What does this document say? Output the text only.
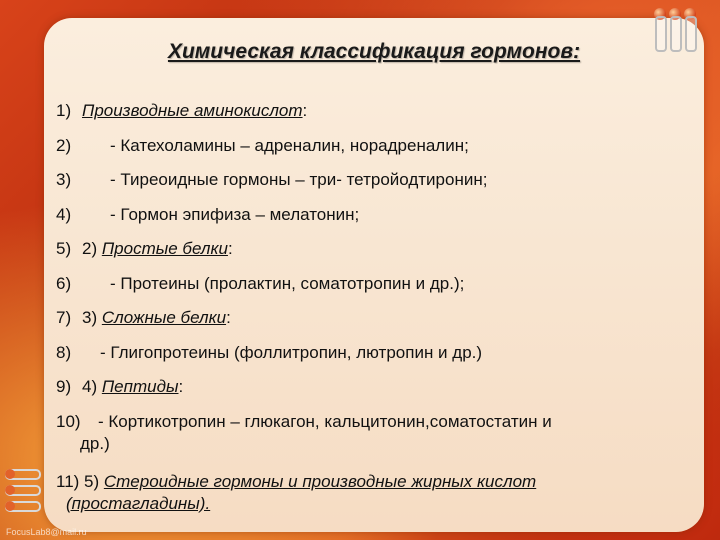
Химическая классификация гормонов:
1) Производные аминокислот:
2)	- Катехоламины – адреналин, норадреналин;
3)	- Тиреоидные гормоны – три- тетройодтиронин;
4)	- Гормон эпифиза – мелатонин;
5) 2) Простые белки:
6)	- Протеины (пролактин, соматотропин и др.);
7) 3) Сложные белки:
8)	- Глигопротеины (фоллитропин, лютропин и др.)
9) 4) Пептиды:
10)	- Кортикотропин – глюкагон, кальцитонин,соматостатин и
др.)
11) 5) Стероидные гормоны и производные жирных кислот
(простагладины).
FocusLab8@mail.ru
